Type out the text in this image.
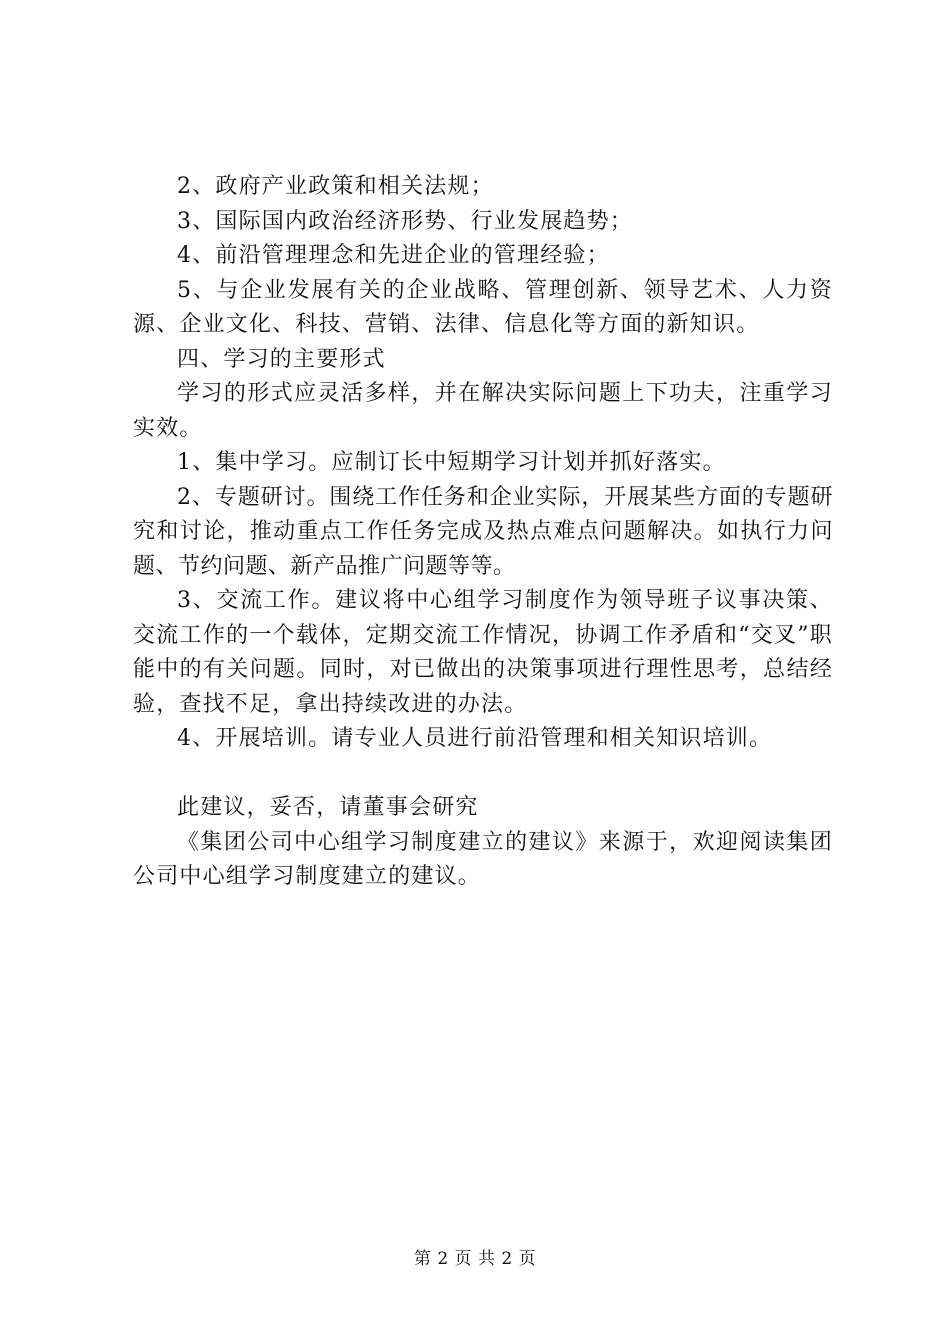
2、政府产业政策和相关法规；

3、国际国内政治经济形势、行业发展趋势；

4、前沿管理理念和先进企业的管理经验；

5、与企业发展有关的企业战略、管理创新、领导艺术、人力资源、企业文化、科技、营销、法律、信息化等方面的新知识。

四、学习的主要形式

学习的形式应灵活多样，并在解决实际问题上下功夫，注重学习实效。

1、集中学习。应制订长中短期学习计划并抓好落实。

2、专题研讨。围绕工作任务和企业实际，开展某些方面的专题研究和讨论，推动重点工作任务完成及热点难点问题解决。如执行力问题、节约问题、新产品推广问题等等。

3、交流工作。建议将中心组学习制度作为领导班子议事决策、交流工作的一个载体，定期交流工作情况，协调工作矛盾和“交叉”职能中的有关问题。同时，对已做出的决策事项进行理性思考，总结经验，查找不足，拿出持续改进的办法。

4、开展培训。请专业人员进行前沿管理和相关知识培训。

此建议，妥否，请董事会研究

《集团公司中心组学习制度建立的建议》来源于，欢迎阅读集团公司中心组学习制度建立的建议。

第 2 页 共 2 页
